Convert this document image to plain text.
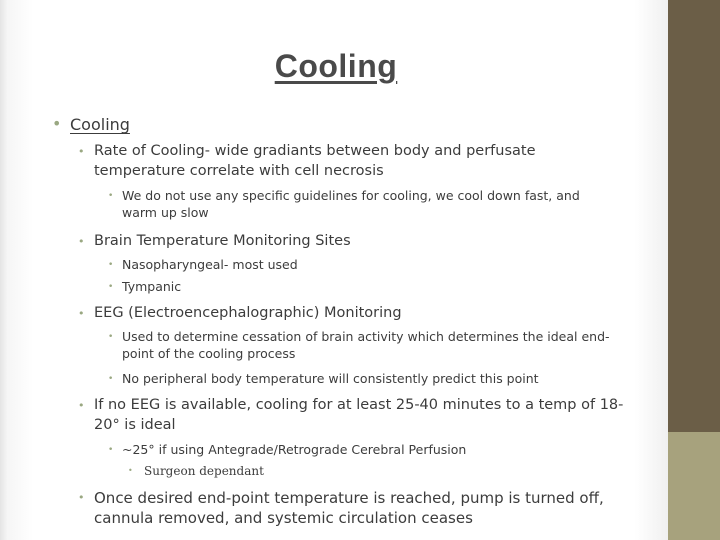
Cooling
• Cooling
• Rate of Cooling- wide gradiants between body and perfusate
temperature correlate with cell necrosis
• We do not use any specific guidelines for cooling, we cool down fast, and
warm up slow
• Brain Temperature Monitoring Sites
• Nasopharyngeal- most used
• Tympanic
• EEG (Electroencephalographic) Monitoring
• Used to determine cessation of brain activity which determines the ideal end-
point of the cooling process
• No peripheral body temperature will consistently predict this point
• If no EEG is available, cooling for at least 25-40 minutes to a temp of 18-
20° is ideal
• ~25° if using Antegrade/Retrograde Cerebral Perfusion
• Surgeon dependant
• Once desired end-point temperature is reached, pump is turned off,
cannula removed, and systemic circulation ceases
